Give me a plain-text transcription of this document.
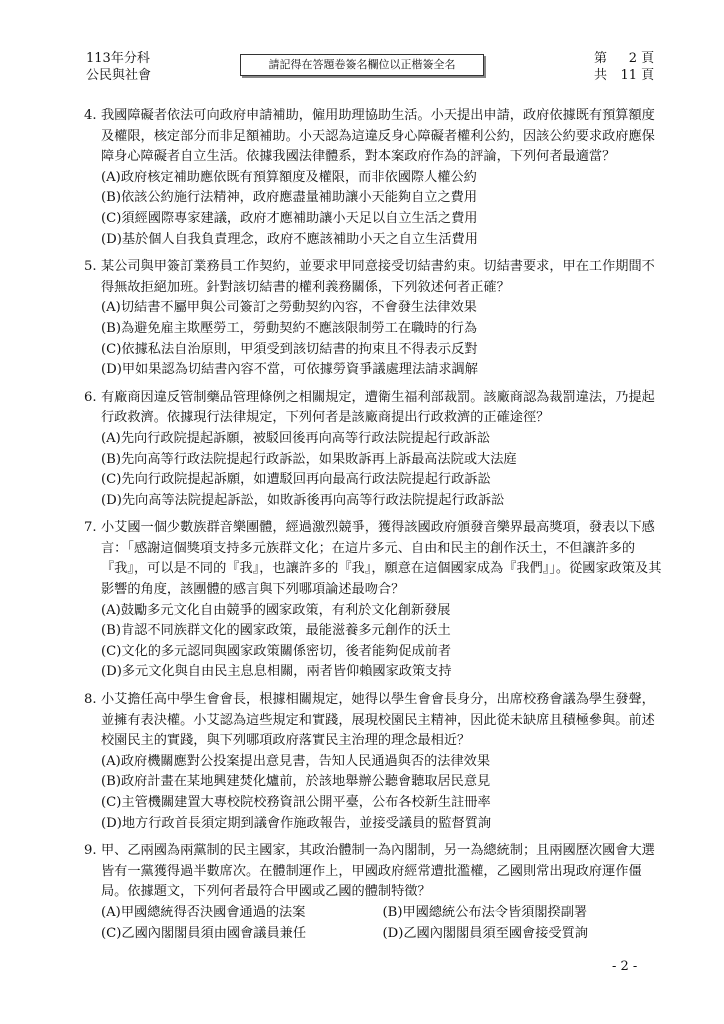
113年分科
公民與社會
請記得在答題卷簽名欄位以正楷簽全名	第 2 頁
共 11 頁
4. 我國障礙者依法可向政府申請補助，僱用助理協助生活。小天提出申請，政府依據既有預算額度及權限，核定部分而非足額補助。小天認為這違反身心障礙者權利公約，因該公約要求政府應保障身心障礙者自立生活。依據我國法律體系，對本案政府作為的評論，下列何者最適當？
(A)政府核定補助應依既有預算額度及權限，而非依國際人權公約
(B)依該公約施行法精神，政府應盡量補助讓小天能夠自立之費用
(C)須經國際專家建議，政府才應補助讓小天足以自立生活之費用
(D)基於個人自我負責理念，政府不應該補助小天之自立生活費用
5. 某公司與甲簽訂業務員工作契約，並要求甲同意接受切結書約束。切結書要求，甲在工作期間不得無故拒絕加班。針對該切結書的權利義務關係，下列敘述何者正確？
(A)切結書不屬甲與公司簽訂之勞動契約內容，不會發生法律效果
(B)為避免雇主欺壓勞工，勞動契約不應該限制勞工在職時的行為
(C)依據私法自治原則，甲須受到該切結書的拘束且不得表示反對
(D)甲如果認為切結書內容不當，可依據勞資爭議處理法請求調解
6. 有廠商因違反管制藥品管理條例之相關規定，遭衛生福利部裁罰。該廠商認為裁罰違法，乃提起行政救濟。依據現行法律規定，下列何者是該廠商提出行政救濟的正確途徑？
(A)先向行政院提起訴願，被駁回後再向高等行政法院提起行政訴訟
(B)先向高等行政法院提起行政訴訟，如果敗訴再上訴最高法院或大法庭
(C)先向行政院提起訴願，如遭駁回再向最高行政法院提起行政訴訟
(D)先向高等法院提起訴訟，如敗訴後再向高等行政法院提起行政訴訟
7. 小艾國一個少數族群音樂團體，經過激烈競爭，獲得該國政府頒發音樂界最高獎項，發表以下感言：「感謝這個獎項支持多元族群文化；在這片多元、自由和民主的創作沃土，不但讓許多的『我』，可以是不同的『我』，也讓許多的『我』，願意在這個國家成為『我們』」。從國家政策及其影響的角度，該團體的感言與下列哪項論述最吻合？
(A)鼓勵多元文化自由競爭的國家政策，有利於文化創新發展
(B)肯認不同族群文化的國家政策，最能滋養多元創作的沃土
(C)文化的多元認同與國家政策關係密切，後者能夠促成前者
(D)多元文化與自由民主息息相關，兩者皆仰賴國家政策支持
8. 小艾擔任高中學生會會長，根據相關規定，她得以學生會會長身分，出席校務會議為學生發聲，並擁有表決權。小艾認為這些規定和實踐，展現校園民主精神，因此從未缺席且積極參與。前述校園民主的實踐，與下列哪項政府落實民主治理的理念最相近？
(A)政府機關應對公投案提出意見書，告知人民通過與否的法律效果
(B)政府計畫在某地興建焚化爐前，於該地舉辦公聽會聽取居民意見
(C)主管機關建置大專校院校務資訊公開平臺，公布各校新生註冊率
(D)地方行政首長須定期到議會作施政報告，並接受議員的監督質詢
9. 甲、乙兩國為兩黨制的民主國家，其政治體制一為內閣制，另一為總統制；且兩國歷次國會大選皆有一黨獲得過半數席次。在體制運作上，甲國政府經常遭批濫權，乙國則常出現政府運作僵局。依據題文，下列何者最符合甲國或乙國的體制特徵？
(A)甲國總統得否決國會通過的法案	(B)甲國總統公布法令皆須閣揆副署
(C)乙國內閣閣員須由國會議員兼任	(D)乙國內閣閣員須至國會接受質詢
- 2 -
